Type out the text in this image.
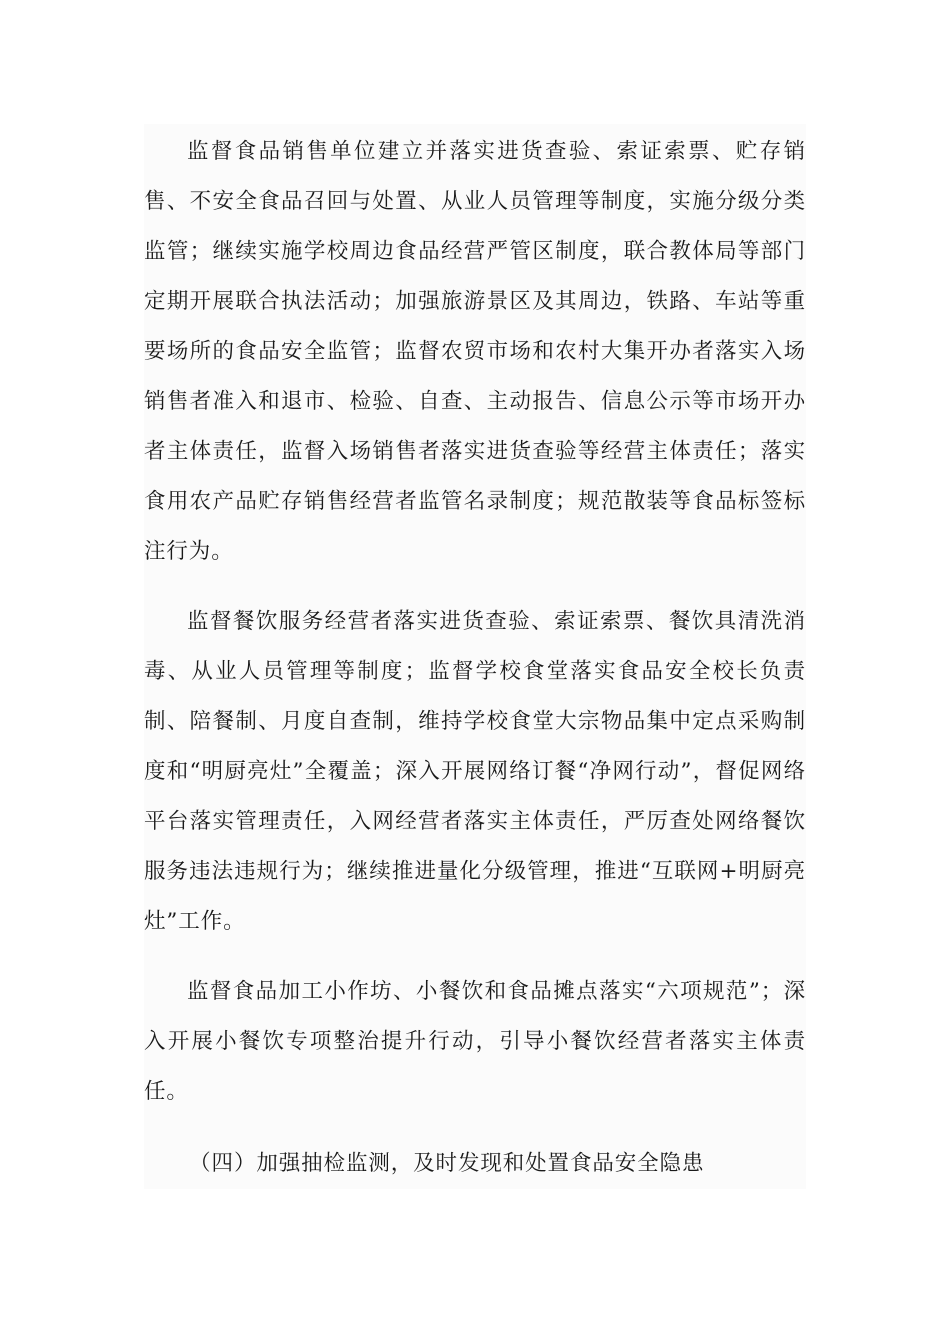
监督食品销售单位建立并落实进货查验、索证索票、贮存销售、不安全食品召回与处置、从业人员管理等制度，实施分级分类监管；继续实施学校周边食品经营严管区制度，联合教体局等部门定期开展联合执法活动；加强旅游景区及其周边，铁路、车站等重要场所的食品安全监管；监督农贸市场和农村大集开办者落实入场销售者准入和退市、检验、自查、主动报告、信息公示等市场开办者主体责任，监督入场销售者落实进货查验等经营主体责任；落实食用农产品贮存销售经营者监管名录制度；规范散装等食品标签标注行为。

监督餐饮服务经营者落实进货查验、索证索票、餐饮具清洗消毒、从业人员管理等制度；监督学校食堂落实食品安全校长负责制、陪餐制、月度自查制，维持学校食堂大宗物品集中定点采购制度和“明厨亮灶”全覆盖；深入开展网络订餐“净网行动”，督促网络平台落实管理责任，入网经营者落实主体责任，严厉查处网络餐饮服务违法违规行为；继续推进量化分级管理，推进“互联网+明厨亮灶”工作。

监督食品加工小作坊、小餐饮和食品摊点落实“六项规范”；深入开展小餐饮专项整治提升行动，引导小餐饮经营者落实主体责任。

（四）加强抽检监测，及时发现和处置食品安全隐患
